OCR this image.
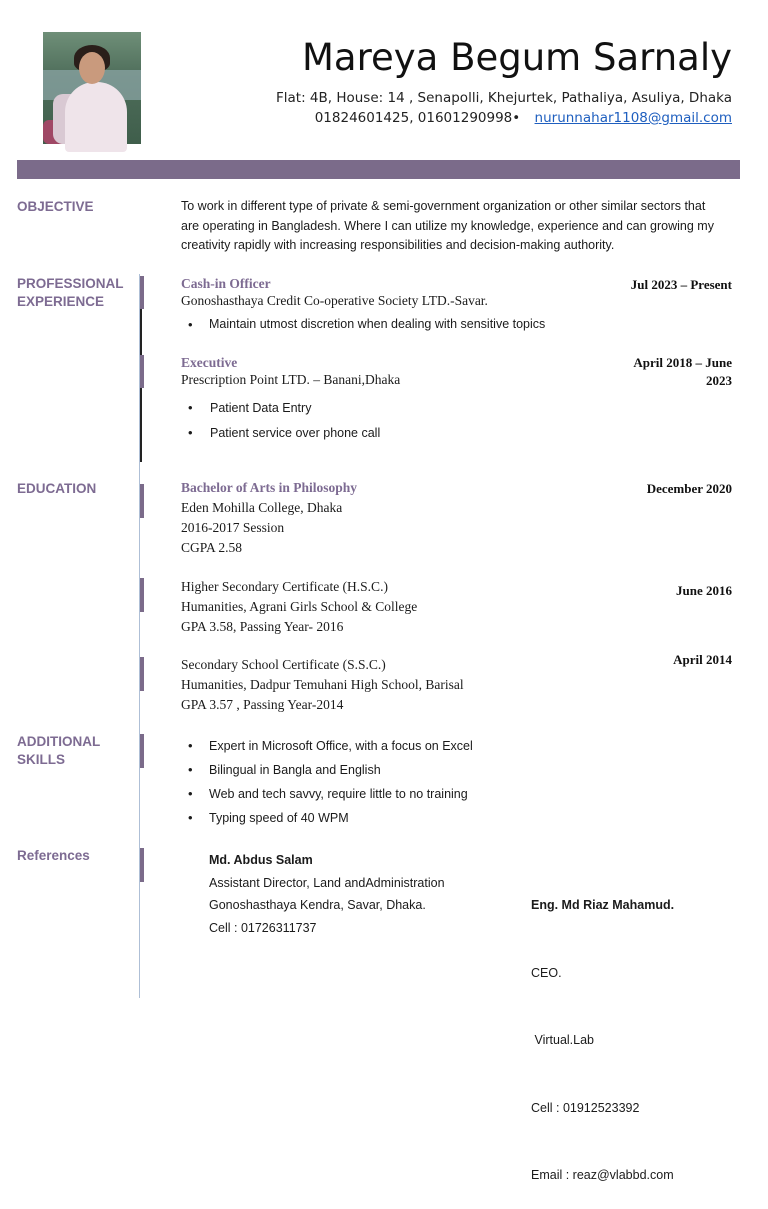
Mareya Begum Sarnaly
Flat: 4B, House: 14 , Senapolli, Khejurtek, Pathaliya, Asuliya, Dhaka
01824601425, 01601290998• nurunnahar1108@gmail.com
OBJECTIVE	To work in different type of private & semi-government organization or other similar sectors that
are operating in Bangladesh. Where I can utilize my knowledge, experience and can growing my
creativity rapidly with increasing responsibilities and decision-making authority.
PROFESSIONAL
EXPERIENCE
Cash-in Officer	Jul 2023 – Present
Gonoshasthaya Credit Co-operative Society LTD.-Savar.
• Maintain utmost discretion when dealing with sensitive topics
Executive	April 2018 – June
2023
Prescription Point LTD. – Banani,Dhaka
• Patient Data Entry
• Patient service over phone call
EDUCATION	Bachelor of Arts in Philosophy	December 2020
Eden Mohilla College, Dhaka
2016-2017 Session
CGPA 2.58
Higher Secondary Certificate (H.S.C.)
Humanities, Agrani Girls School & College
GPA 3.58, Passing Year- 2016
June 2016
Secondary School Certificate (S.S.C.)
Humanities, Dadpur Temuhani High School, Barisal
GPA 3.57 , Passing Year-2014
April 2014
ADDITIONAL
SKILLS
• Expert in Microsoft Office, with a focus on Excel
• Bilingual in Bangla and English
• Web and tech savvy, require little to no training
• Typing speed of 40 WPM
References	Md. Abdus Salam
Assistant Director, Land andAdministration
Gonoshasthaya Kendra, Savar, Dhaka.
Cell : 01726311737

Eng. Md Riaz Mahamud.

CEO.

Virtual.Lab

Cell : 01912523392

Email : reaz@vlabbd.com
